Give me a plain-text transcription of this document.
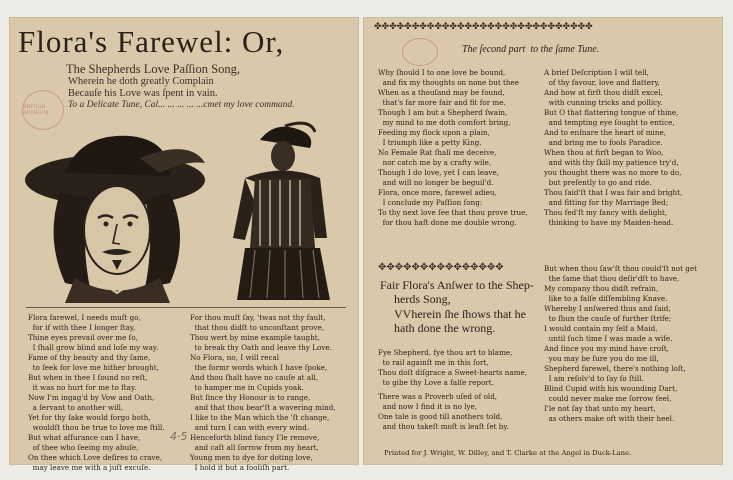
Flora's Farewel: Or,
The Shepherds Love Paſſion Song,
Wherein he doth greatly Complain
Becauſe his Love was ſpent in vain.
To a Delicate Tune, Cal... ... ... ... ...cmet my love command.
BRITISH MUSEUM
Flora farewel, I needs muſt go,
for if with thee I longer ſtay,
Thine eyes prevail over me ſo,
I ſhall grow blind and loſe my way.
Fame of thy beauty and thy ſame,
to ſeek for love me hither brought,
But when in thee I ſound no reſt,
it was no hurt for me to ſtay.
Now I'm ingag'd by Vow and Oath,
a ſervant to another will,
Yet for thy ſake would forgo both,
wouldſt thou be true to love me ſtill.
But what aſſurance can I have,
of thee who ſeeing my abuſe,
On thee which Love deſires to crave,
may leave me with a juſt excuſe.
For thou muſt ſay, 'twas not thy fault,
that thou didſt to unconſtant prove,
Thou wert by mine example taught,
to break thy Oath and leave thy Love.
No Flora, no, I will recal
the formr words which I have ſpoke,
And thou ſhalt have no cauſe at all,
to hamper me in Cupids yoak.
But ſince thy Honour is to range,
and that thou bear'ſt a wavering mind,
I like to the Man which the 'ſt change,
and turn I can with every wind.
Henceforth blind fancy I'le remove,
and caſt all ſorrow from my heart,
Young men to dye for doting love,
I hold it but a fooliſh part.
4·5
✤✤✤✤✤✤✤✤✤✤✤✤✤✤✤✤✤✤✤✤✤✤✤✤✤✤✤✤✤
The ſecond part  to the ſame Tune.
Why ſhould I to one love be bound,
and fix my thoughts on none but thee
When as a thouſand may be found,
that's far more fair and fit for me.
Though I am but a Shepherd ſwain,
my mind to me doth comfort bring,
Feeding my flock upon a plain,
I triumph like a petty King.
No Female Rat ſhall me deceive,
nor catch me by a crafty wile,
Though I do love, yet I can leave,
and will no longer be beguil'd.
Flora, once more, farewel adieu,
I conclude my Paſſion ſong:
To thy next love ſee that thou prove true,
for thou haſt done me double wrong.
A brief Deſcription I will tell,
of thy favour, love and flattery,
And how at firſt thou didſt excel,
with cunning tricks and pollicy.
But O that flattering tongue of thine,
and tempting eye ſought to entice,
And to enſnare the heart of mine,
and bring me to fools Paradice.
When thou at firſt began to Woo,
and with thy ſkill my patience try'd,
you thought there was no more to do,
but preſently to go and ride.
Thou ſaid'ſt that I was fair and bright,
and fitting for thy Marriage Bed;
Thou fed'ſt my fancy with delight,
thinking to have my Maiden-head.
✥✥✥✥✥✥✥✥✥✥✥✥✥✥✥
Fair Flora's Anſwer to the Shep-
herds Song,
VVherein ſhe ſhows that he
hath done the wrong.
Fye Shepherd, fye thou art to blame,
to rail againſt me in this ſort,
Thou doſt diſgrace a Sweet-hearts name,
to gibe thy Love a falſe report.
There was a Proverb uſed of old,
and now I find it is no lye,
One tale is good till anothers told,
and thou takeſt moſt is leaſt ſet by.
But when thou ſaw'ſt thou could'ſt not get
the ſame that thou deſir'dſt to have,
My company thou didſt refrain,
like to a falſe diſſembling Knave.
Whereby I anſwered thus and ſaid,
to ſhun the cauſe of further ſtrife;
I would contain my ſelf a Maid,
until ſuch time I was made a wife.
And ſince you my mind have croſt,
you may be ſure you do me ill,
Shepherd farewel, there's nothing loſt,
I am reſolv'd to ſay ſo ſtill.
Blind Cupid with his wounding Dart,
could never make me ſorrow feel,
I'le not ſay that unto my heart,
as others make oft with their heel.
Printed for J. Wright, W. Dilley, and T. Clarke at the Angel in Duck-Lane.
